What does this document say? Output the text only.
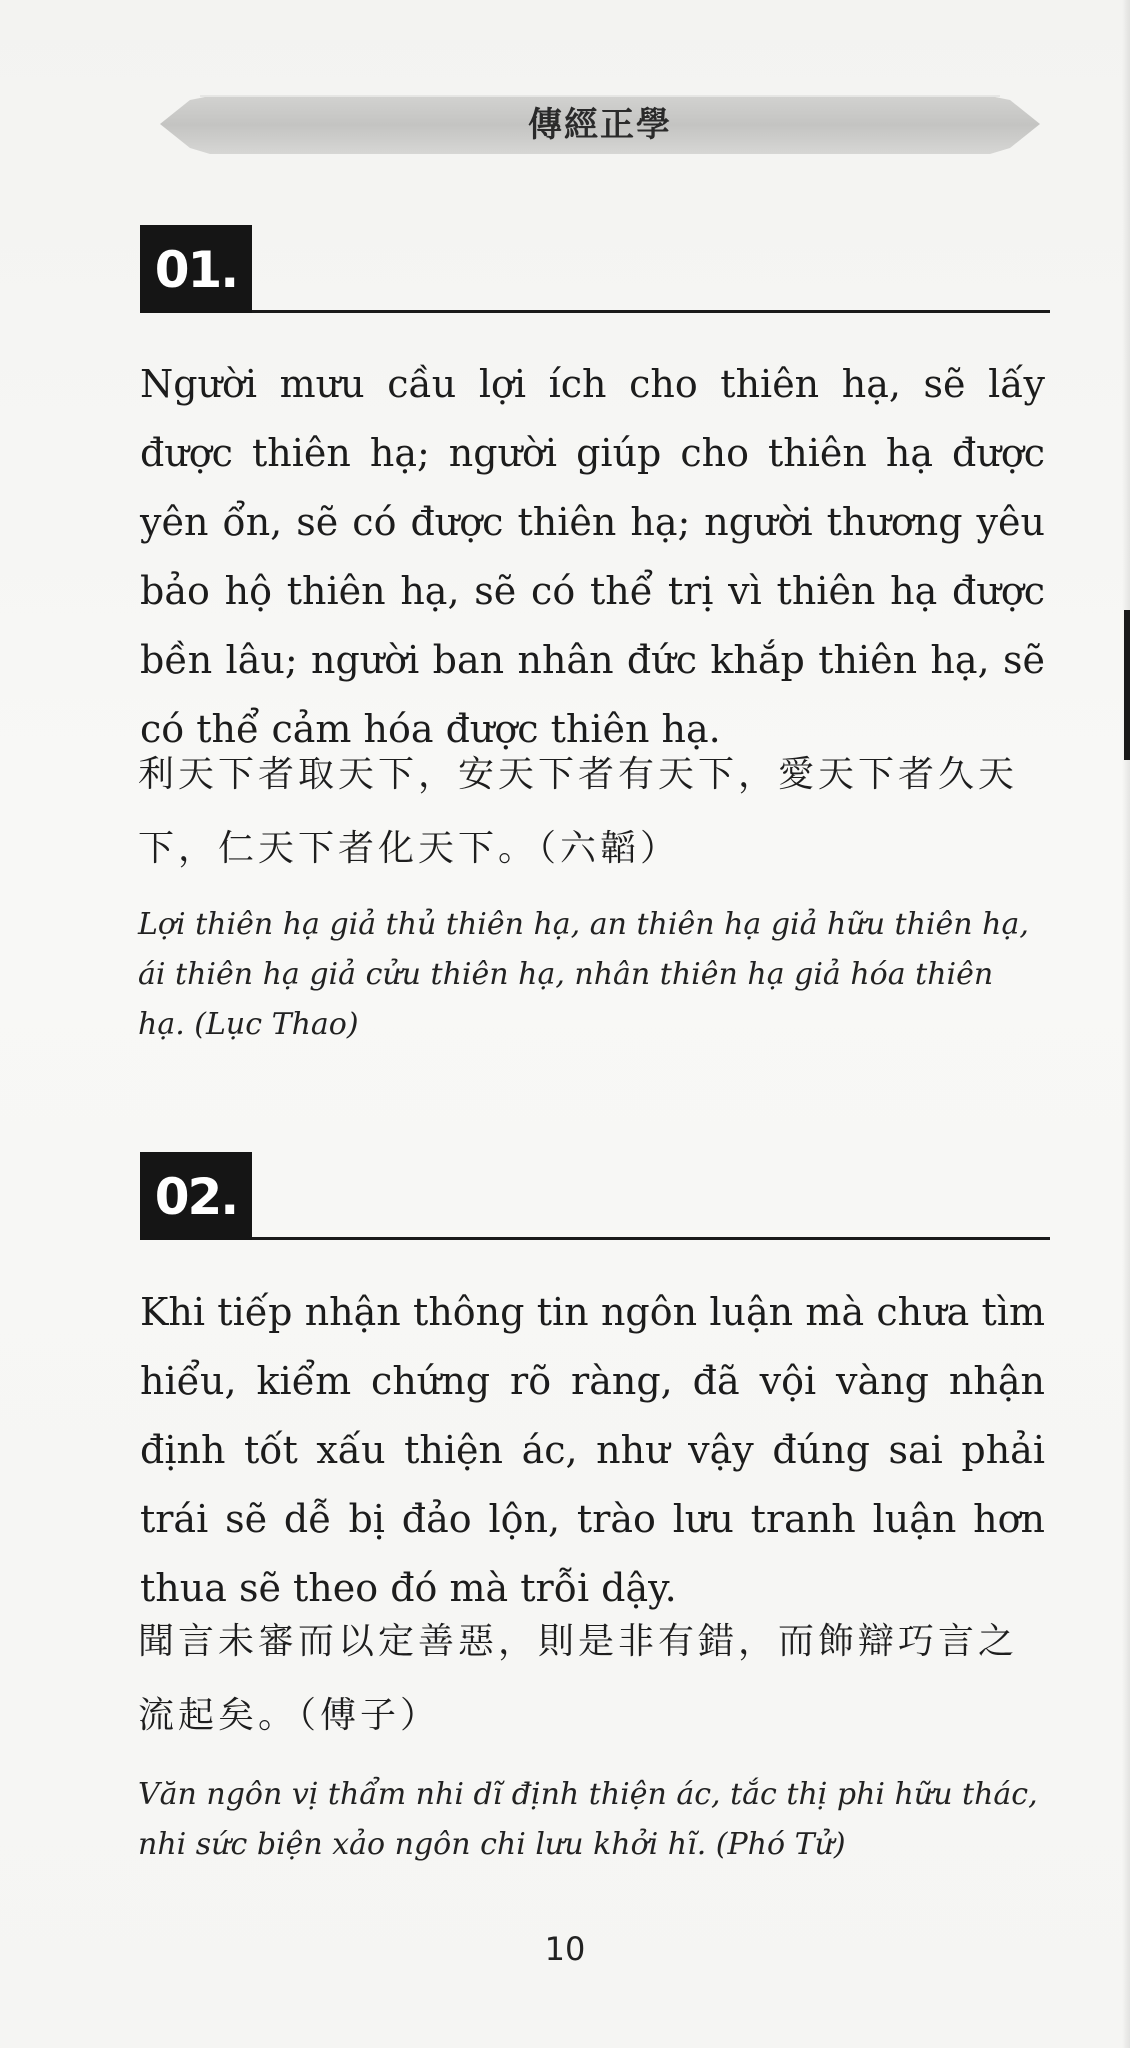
傳經正學
01.
Người mưu cầu lợi ích cho thiên hạ, sẽ lấy được thiên hạ; người giúp cho thiên hạ được yên ổn, sẽ có được thiên hạ; người thương yêu bảo hộ thiên hạ, sẽ có thể trị vì thiên hạ được bền lâu; người ban nhân đức khắp thiên hạ, sẽ có thể cảm hóa được thiên hạ.
利天下者取天下，安天下者有天下，愛天下者久天下，仁天下者化天下。（六韜）
Lợi thiên hạ giả thủ thiên hạ, an thiên hạ giả hữu thiên hạ, ái thiên hạ giả cửu thiên hạ, nhân thiên hạ giả hóa thiên hạ. (Lục Thao)
02.
Khi tiếp nhận thông tin ngôn luận mà chưa tìm hiểu, kiểm chứng rõ ràng, đã vội vàng nhận định tốt xấu thiện ác, như vậy đúng sai phải trái sẽ dễ bị đảo lộn, trào lưu tranh luận hơn thua sẽ theo đó mà trỗi dậy.
聞言未審而以定善惡，則是非有錯，而飾辯巧言之流起矣。（傅子）
Văn ngôn vị thẩm nhi dĩ định thiện ác, tắc thị phi hữu thác, nhi sức biện xảo ngôn chi lưu khởi hĩ. (Phó Tử)
10
